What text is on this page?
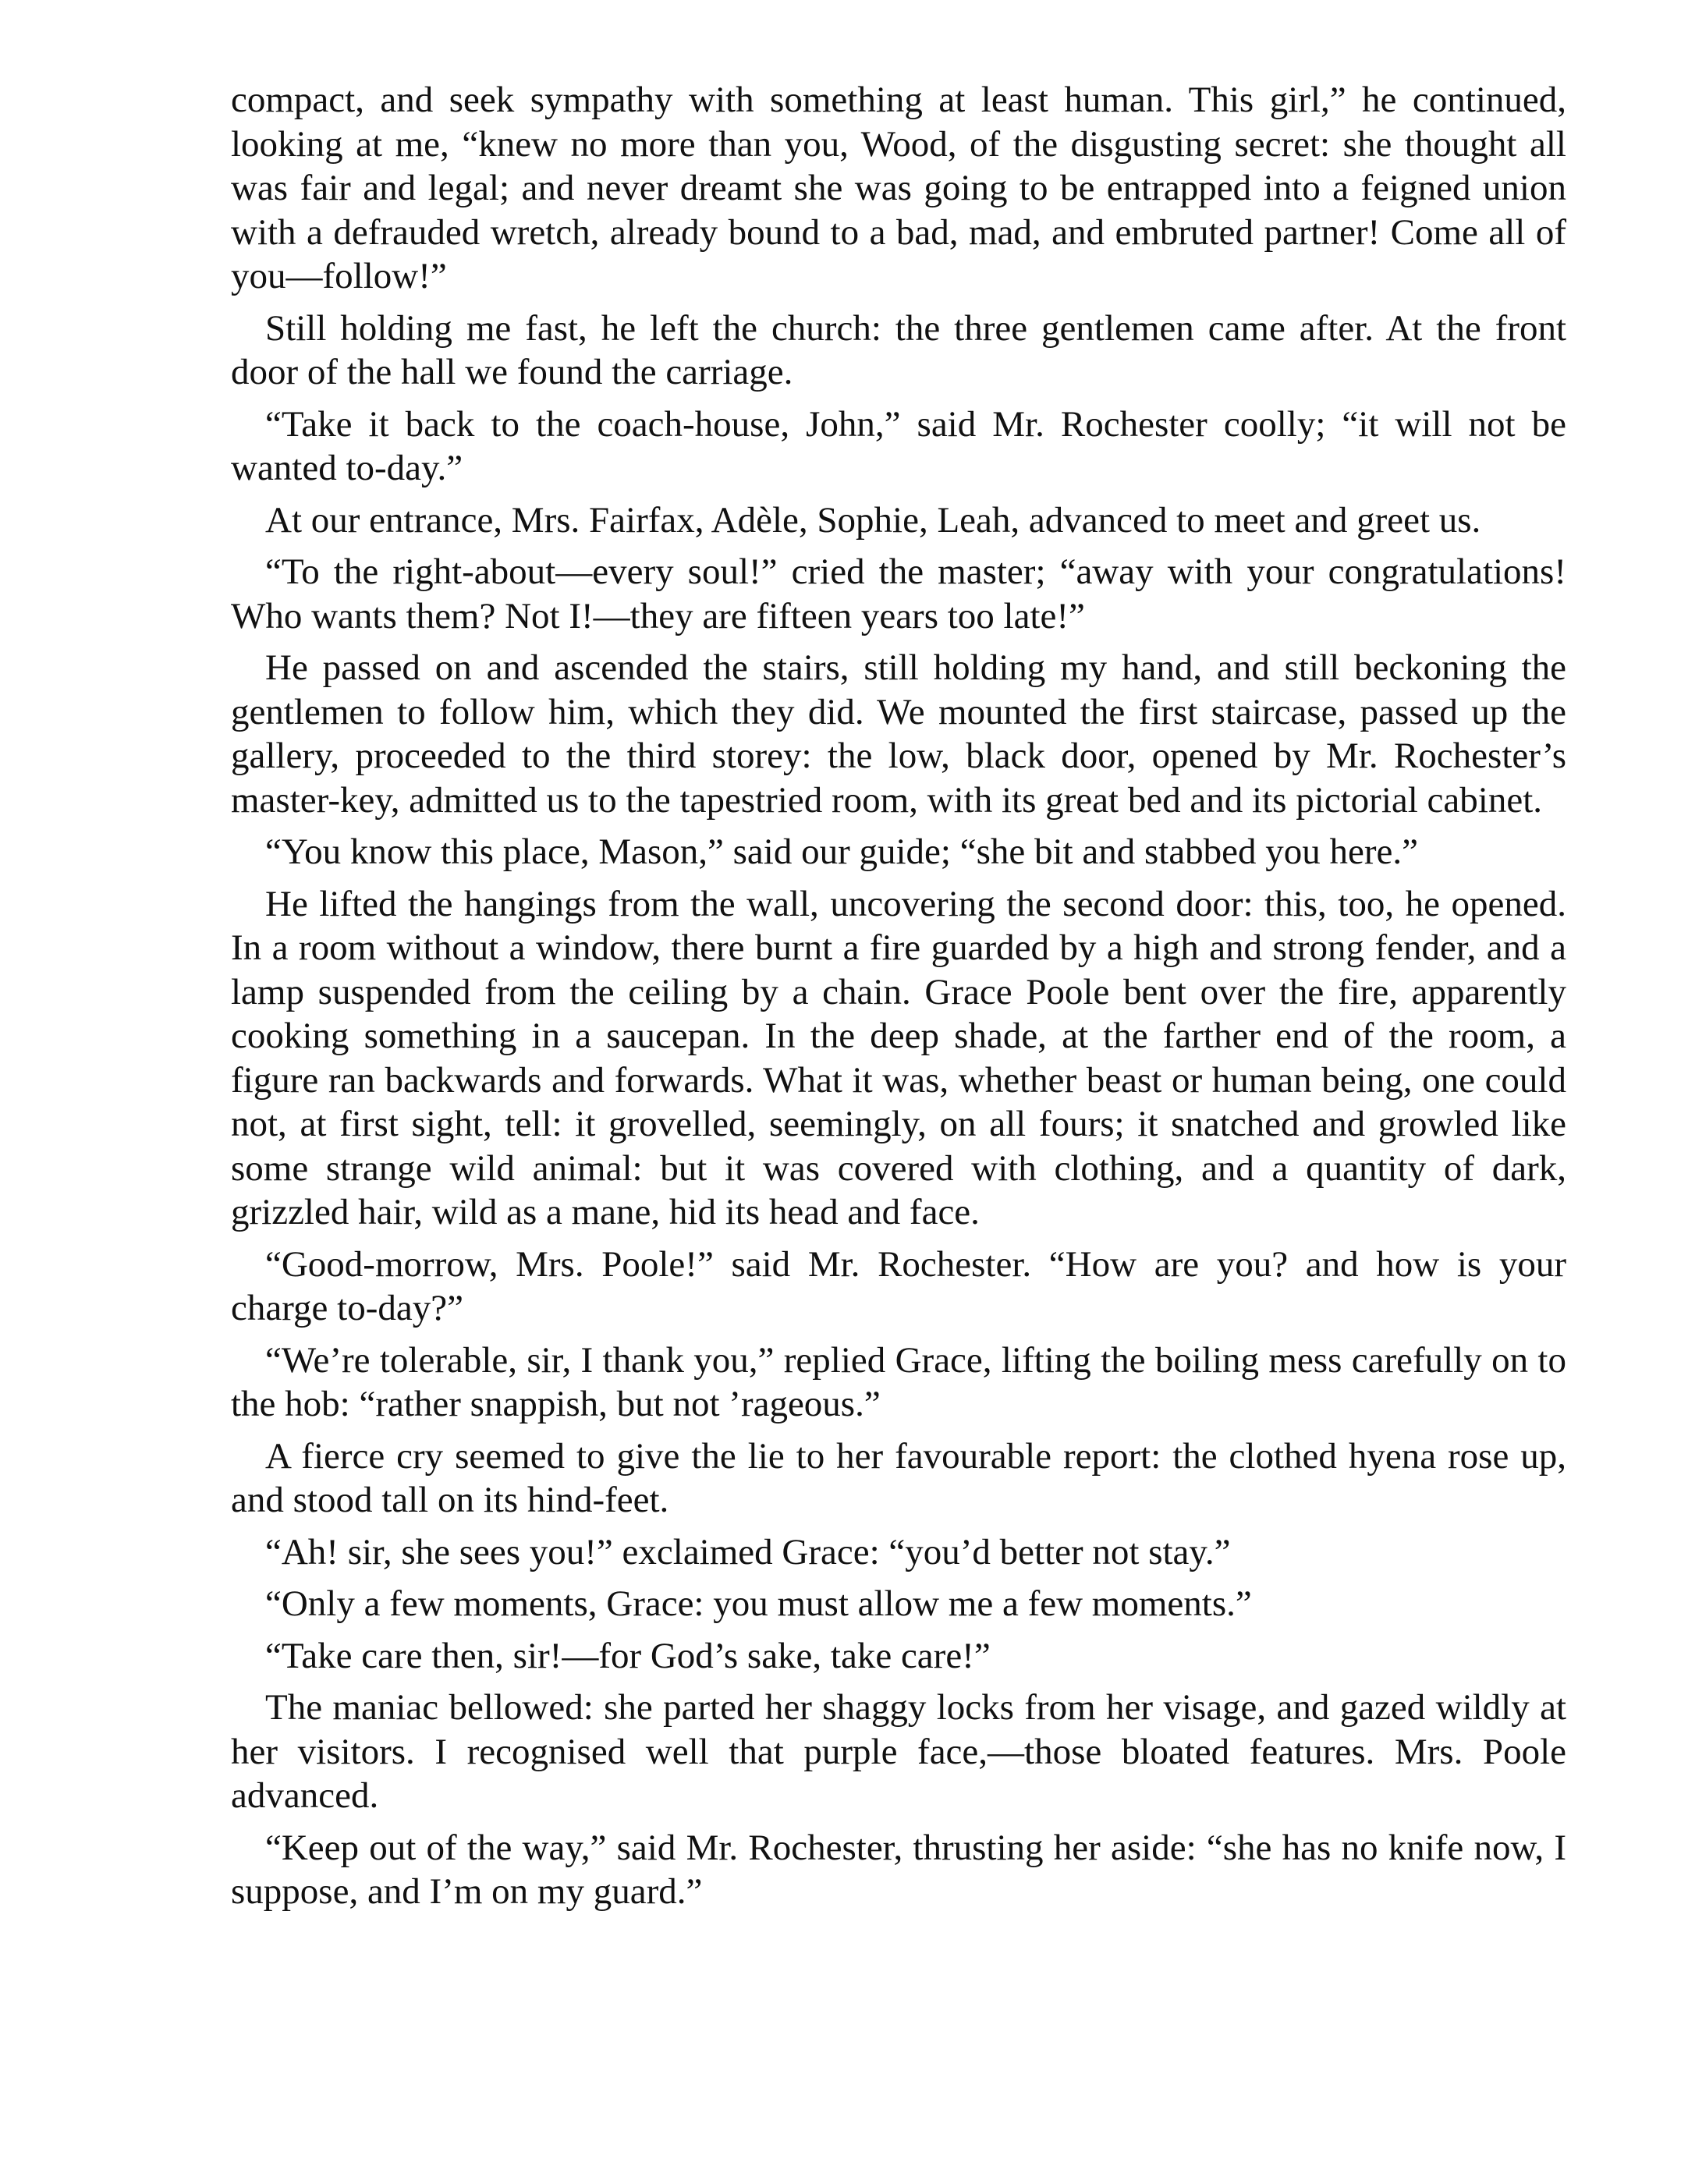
compact, and seek sympathy with something at least human. This girl,” he continued, looking at me, “knew no more than you, Wood, of the disgusting secret: she thought all was fair and legal; and never dreamt she was going to be entrapped into a feigned union with a defrauded wretch, already bound to a bad, mad, and embruted partner! Come all of you—follow!”

Still holding me fast, he left the church: the three gentlemen came after. At the front door of the hall we found the carriage.

“Take it back to the coach-house, John,” said Mr. Rochester coolly; “it will not be wanted to-day.”

At our entrance, Mrs. Fairfax, Adèle, Sophie, Leah, advanced to meet and greet us.

“To the right-about—every soul!” cried the master; “away with your congratulations! Who wants them? Not I!—they are fifteen years too late!”

He passed on and ascended the stairs, still holding my hand, and still beckoning the gentlemen to follow him, which they did. We mounted the first staircase, passed up the gallery, proceeded to the third storey: the low, black door, opened by Mr. Rochester’s master-key, admitted us to the tapestried room, with its great bed and its pictorial cabinet.

“You know this place, Mason,” said our guide; “she bit and stabbed you here.”

He lifted the hangings from the wall, uncovering the second door: this, too, he opened. In a room without a window, there burnt a fire guarded by a high and strong fender, and a lamp suspended from the ceiling by a chain. Grace Poole bent over the fire, apparently cooking something in a saucepan. In the deep shade, at the farther end of the room, a figure ran backwards and forwards. What it was, whether beast or human being, one could not, at first sight, tell: it grovelled, seemingly, on all fours; it snatched and growled like some strange wild animal: but it was covered with clothing, and a quantity of dark, grizzled hair, wild as a mane, hid its head and face.

“Good-morrow, Mrs. Poole!” said Mr. Rochester. “How are you? and how is your charge to-day?”

“We’re tolerable, sir, I thank you,” replied Grace, lifting the boiling mess carefully on to the hob: “rather snappish, but not ’rageous.”

A fierce cry seemed to give the lie to her favourable report: the clothed hyena rose up, and stood tall on its hind-feet.

“Ah! sir, she sees you!” exclaimed Grace: “you’d better not stay.”

“Only a few moments, Grace: you must allow me a few moments.”

“Take care then, sir!—for God’s sake, take care!”

The maniac bellowed: she parted her shaggy locks from her visage, and gazed wildly at her visitors. I recognised well that purple face,—those bloated features. Mrs. Poole advanced.

“Keep out of the way,” said Mr. Rochester, thrusting her aside: “she has no knife now, I suppose, and I’m on my guard.”
